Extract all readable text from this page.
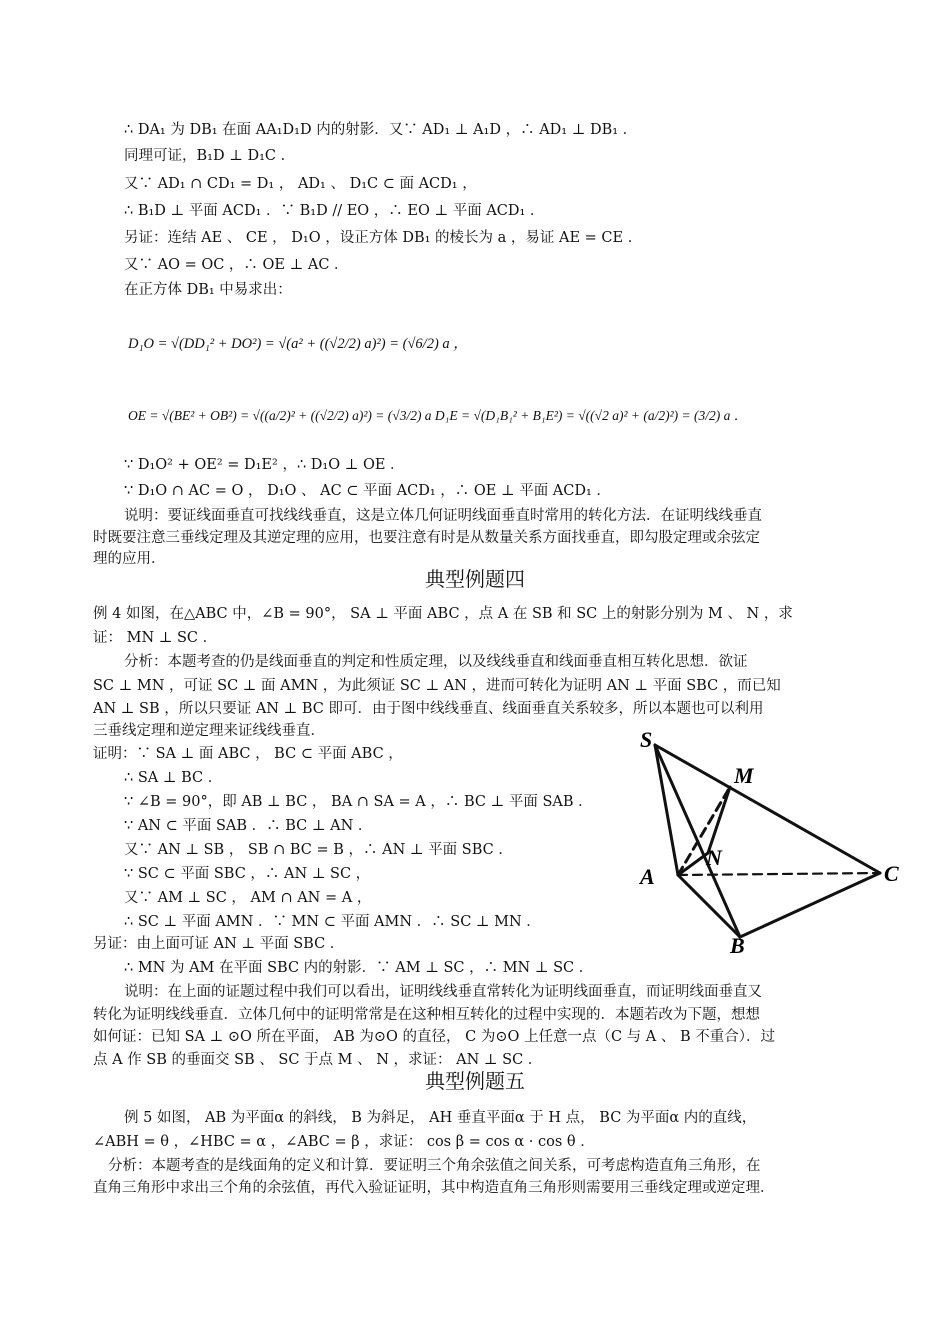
∴ DA₁ 为 DB₁ 在面 AA₁D₁D 内的射影．又∵ AD₁ ⊥ A₁D ，∴ AD₁ ⊥ DB₁ ．
同理可证，B₁D ⊥ D₁C ．
又∵ AD₁ ∩ CD₁ = D₁ ， AD₁ 、 D₁C ⊂ 面 ACD₁ ，
∴ B₁D ⊥ 平面 ACD₁ ．∵ B₁D // EO ，∴ EO ⊥ 平面 ACD₁ ．
另证：连结 AE 、 CE ， D₁O ，设正方体 DB₁ 的棱长为 a ，易证 AE = CE ．
又∵ AO = OC ，∴ OE ⊥ AC ．
在正方体 DB₁ 中易求出：
D₁O = √(DD₁² + DO²) = √(a² + ((√2/2) a)²) = (√6/2) a ，
OE = √(BE² + OB²) = √((a/2)² + ((√2/2) a)²) = (√3/2) a D₁E = √(D₁B₁² + B₁E²) = √((√2 a)² + (a/2)²) = (3/2) a ．
∵ D₁O² + OE² = D₁E² ，∴ D₁O ⊥ OE ．
∵ D₁O ∩ AC = O ， D₁O 、 AC ⊂ 平面 ACD₁ ，∴ OE ⊥ 平面 ACD₁ ．
说明：要证线面垂直可找线线垂直，这是立体几何证明线面垂直时常用的转化方法．在证明线线垂直
时既要注意三垂线定理及其逆定理的应用，也要注意有时是从数量关系方面找垂直，即勾股定理或余弦定
理的应用．
典型例题四
例 4 如图，在△ABC 中，∠B = 90°， SA ⊥ 平面 ABC ，点 A 在 SB 和 SC 上的射影分别为 M 、 N ，求
证： MN ⊥ SC ．
分析：本题考查的仍是线面垂直的判定和性质定理，以及线线垂直和线面垂直相互转化思想．欲证
SC ⊥ MN ，可证 SC ⊥ 面 AMN ，为此须证 SC ⊥ AN ，进而可转化为证明 AN ⊥ 平面 SBC ，而已知
AN ⊥ SB ，所以只要证 AN ⊥ BC 即可．由于图中线线垂直、线面垂直关系较多，所以本题也可以利用
三垂线定理和逆定理来证线线垂直．
证明：∵ SA ⊥ 面 ABC ， BC ⊂ 平面 ABC ，
∴ SA ⊥ BC ．
∵ ∠B = 90°，即 AB ⊥ BC ， BA ∩ SA = A ，∴ BC ⊥ 平面 SAB ．
∵ AN ⊂ 平面 SAB ．∴ BC ⊥ AN ．
又∵ AN ⊥ SB ， SB ∩ BC = B ，∴ AN ⊥ 平面 SBC ．
∵ SC ⊂ 平面 SBC ，∴ AN ⊥ SC ，
又∵ AM ⊥ SC ， AM ∩ AN = A ，
∴ SC ⊥ 平面 AMN ．∵ MN ⊂ 平面 AMN ．∴ SC ⊥ MN ．
另证：由上面可证 AN ⊥ 平面 SBC ．
∴ MN 为 AM 在平面 SBC 内的射影．∵ AM ⊥ SC ，∴ MN ⊥ SC ．
说明：在上面的证题过程中我们可以看出，证明线线垂直常转化为证明线面垂直，而证明线面垂直又
转化为证明线线垂直．立体几何中的证明常常是在这种相互转化的过程中实现的．本题若改为下题，想想
如何证：已知 SA ⊥ ⊙O 所在平面， AB 为⊙O 的直径， C 为⊙O 上任意一点（C 与 A 、 B 不重合）．过
点 A 作 SB 的垂面交 SB 、 SC 于点 M 、 N ，求证： AN ⊥ SC ．
典型例题五
例 5 如图， AB 为平面α 的斜线， B 为斜足， AH 垂直平面α 于 H 点， BC 为平面α 内的直线，
∠ABH = θ ，∠HBC = α ，∠ABC = β ，求证： cos β = cos α · cos θ ．
分析：本题考查的是线面角的定义和计算．要证明三个角余弦值之间关系，可考虑构造直角三角形，在
直角三角形中求出三个角的余弦值，再代入验证证明，其中构造直角三角形则需要用三垂线定理或逆定理．
S
M
N
A
B
C
